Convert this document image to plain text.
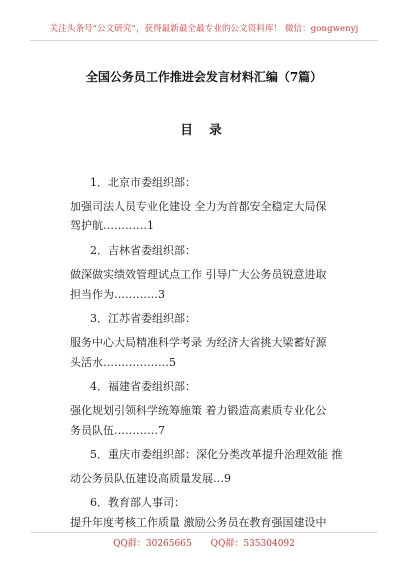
关注头条号“公文研究”，获得最新最全最专业的公文资料库！ 微信：gongwenyj
全国公务员工作推进会发言材料汇编（7篇）
目 录
1．北京市委组织部：
加强司法人员专业化建设 全力为首都安全稳定大局保
驾护航…………1
2．吉林省委组织部：
做深做实绩效管理试点工作 引导广大公务员锐意进取
担当作为…………3
3．江苏省委组织部：
服务中心大局精准科学考录 为经济大省挑大梁蓄好源
头活水………………5
4．福建省委组织部：
强化规划引领科学统筹施策 着力锻造高素质专业化公
务员队伍…………7
5．重庆市委组织部：深化分类改革提升治理效能 推
动公务员队伍建设高质量发展…9
6．教育部人事司：
提升年度考核工作质量 激励公务员在教育强国建设中
QQ群：30265665 QQ群：535304092
